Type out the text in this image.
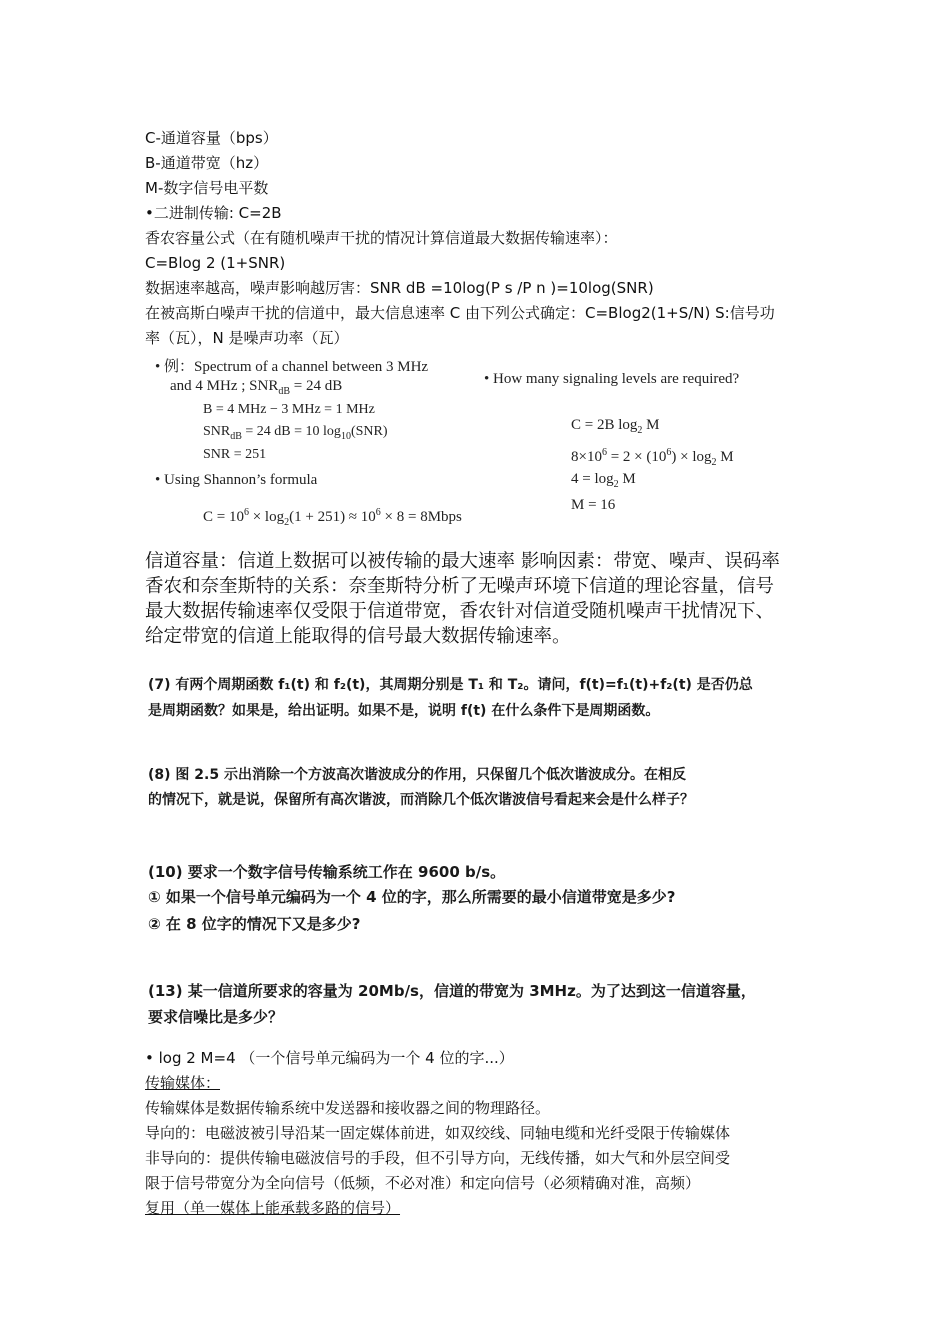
C-通道容量（bps）
B-通道带宽（hz）
M-数字信号电平数
•二进制传输: C=2B
香农容量公式（在有随机噪声干扰的情况计算信道最大数据传输速率）：
C=Blog 2 (1+SNR)
数据速率越高，噪声影响越厉害：SNR dB =10log(P s /P n )=10log(SNR)
在被高斯白噪声干扰的信道中，最大信息速率 C 由下列公式确定：C=Blog2(1+S/N) S:信号功
率（瓦），N 是噪声功率（瓦）
• 例：Spectrum of a channel between 3 MHz
and 4 MHz ; $SNR_{dB} = 24$ dB
B = 4 MHz − 3 MHz = 1 MHz
$SNR_{dB} = 24$ dB = 10 $\log_{10}(SNR)$
SNR = 251
• Using Shannon’s formula
$C = 10^6 \times \log_2(1 + 251) \approx 10^6 \times 8$ = 8Mbps
• How many signaling levels are required?
C = 2B $\log_2 M$
$8\times 10^6 = 2 \times (10^6) \times \log_2 M$
$4 = \log_2 M$
M = 16
信道容量：信道上数据可以被传输的最大速率 影响因素：带宽、噪声、误码率
香农和奈奎斯特的关系：奈奎斯特分析了无噪声环境下信道的理论容量，信号
最大数据传输速率仅受限于信道带宽，香农针对信道受随机噪声干扰情况下、
给定带宽的信道上能取得的信号最大数据传输速率。
(7) 有两个周期函数 f₁(t) 和 f₂(t)，其周期分别是 T₁ 和 T₂。请问，f(t)=f₁(t)+f₂(t) 是否仍总
是周期函数？如果是，给出证明。如果不是，说明 f(t) 在什么条件下是周期函数。
(8) 图 2.5 示出消除一个方波高次谐波成分的作用，只保留几个低次谐波成分。在相反
的情况下，就是说，保留所有高次谐波，而消除几个低次谐波信号看起来会是什么样子？
(10) 要求一个数字信号传输系统工作在 9600 b/s。
① 如果一个信号单元编码为一个 4 位的字，那么所需要的最小信道带宽是多少?
② 在 8 位字的情况下又是多少?
(13) 某一信道所要求的容量为 20Mb/s，信道的带宽为 3MHz。为了达到这一信道容量，
要求信噪比是多少？
• log 2 M=4 （一个信号单元编码为一个 4 位的字...）
传输媒体：
传输媒体是数据传输系统中发送器和接收器之间的物理路径。
导向的：电磁波被引导沿某一固定媒体前进，如双绞线、同轴电缆和光纤受限于传输媒体
非导向的：提供传输电磁波信号的手段，但不引导方向，无线传播，如大气和外层空间受
限于信号带宽分为全向信号（低频，不必对准）和定向信号（必须精确对准，高频）
复用（单一媒体上能承载多路的信号）
